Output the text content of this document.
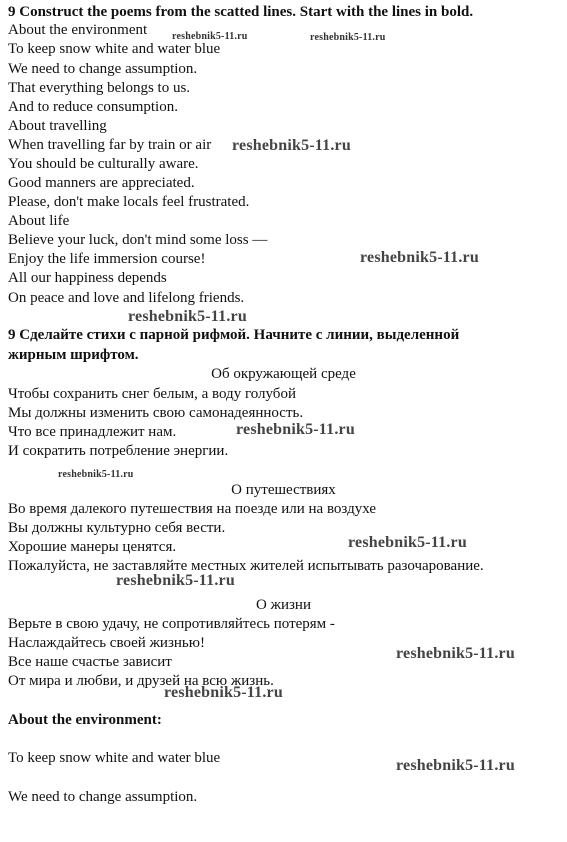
9 Construct the poems from the scatted lines. Start with the lines in bold.
About the environment
To keep snow white and water blue
We need to change assumption.
That everything belongs to us.
And to reduce consumption.
About travelling
When travelling far by train or air
You should be culturally aware.
Good manners are appreciated.
Please, don't make locals feel frustrated.
About life
Believe your luck, don't mind some loss —
Enjoy the life immersion course!
All our happiness depends
On peace and love and lifelong friends.
9 Сделайте стихи с парной рифмой. Начните с линии, выделенной
жирным шрифтом.
Об окружающей среде
Чтобы сохранить снег белым, а воду голубой
Мы должны изменить свою самонадеянность.
Что все принадлежит нам.
И сократить потребление энергии.
О путешествиях
Во время далекого путешествия на поезде или на воздухе
Вы должны культурно себя вести.
Хорошие манеры ценятся.
Пожалуйста, не заставляйте местных жителей испытывать разочарование.
О жизни
Верьте в свою удачу, не сопротивляйтесь потерям -
Наслаждайтесь своей жизнью!
Все наше счастье зависит
От мира и любви, и друзей на всю жизнь.
About the environment:
To keep snow white and water blue
We need to change assumption.
reshebnik5-11.ru	reshebnik5-11.ru
reshebnik5-11.ru
reshebnik5-11.ru
reshebnik5-11.ru
reshebnik5-11.ru
reshebnik5-11.ru
reshebnik5-11.ru
reshebnik5-11.ru
reshebnik5-11.ru
reshebnik5-11.ru
reshebnik5-11.ru
